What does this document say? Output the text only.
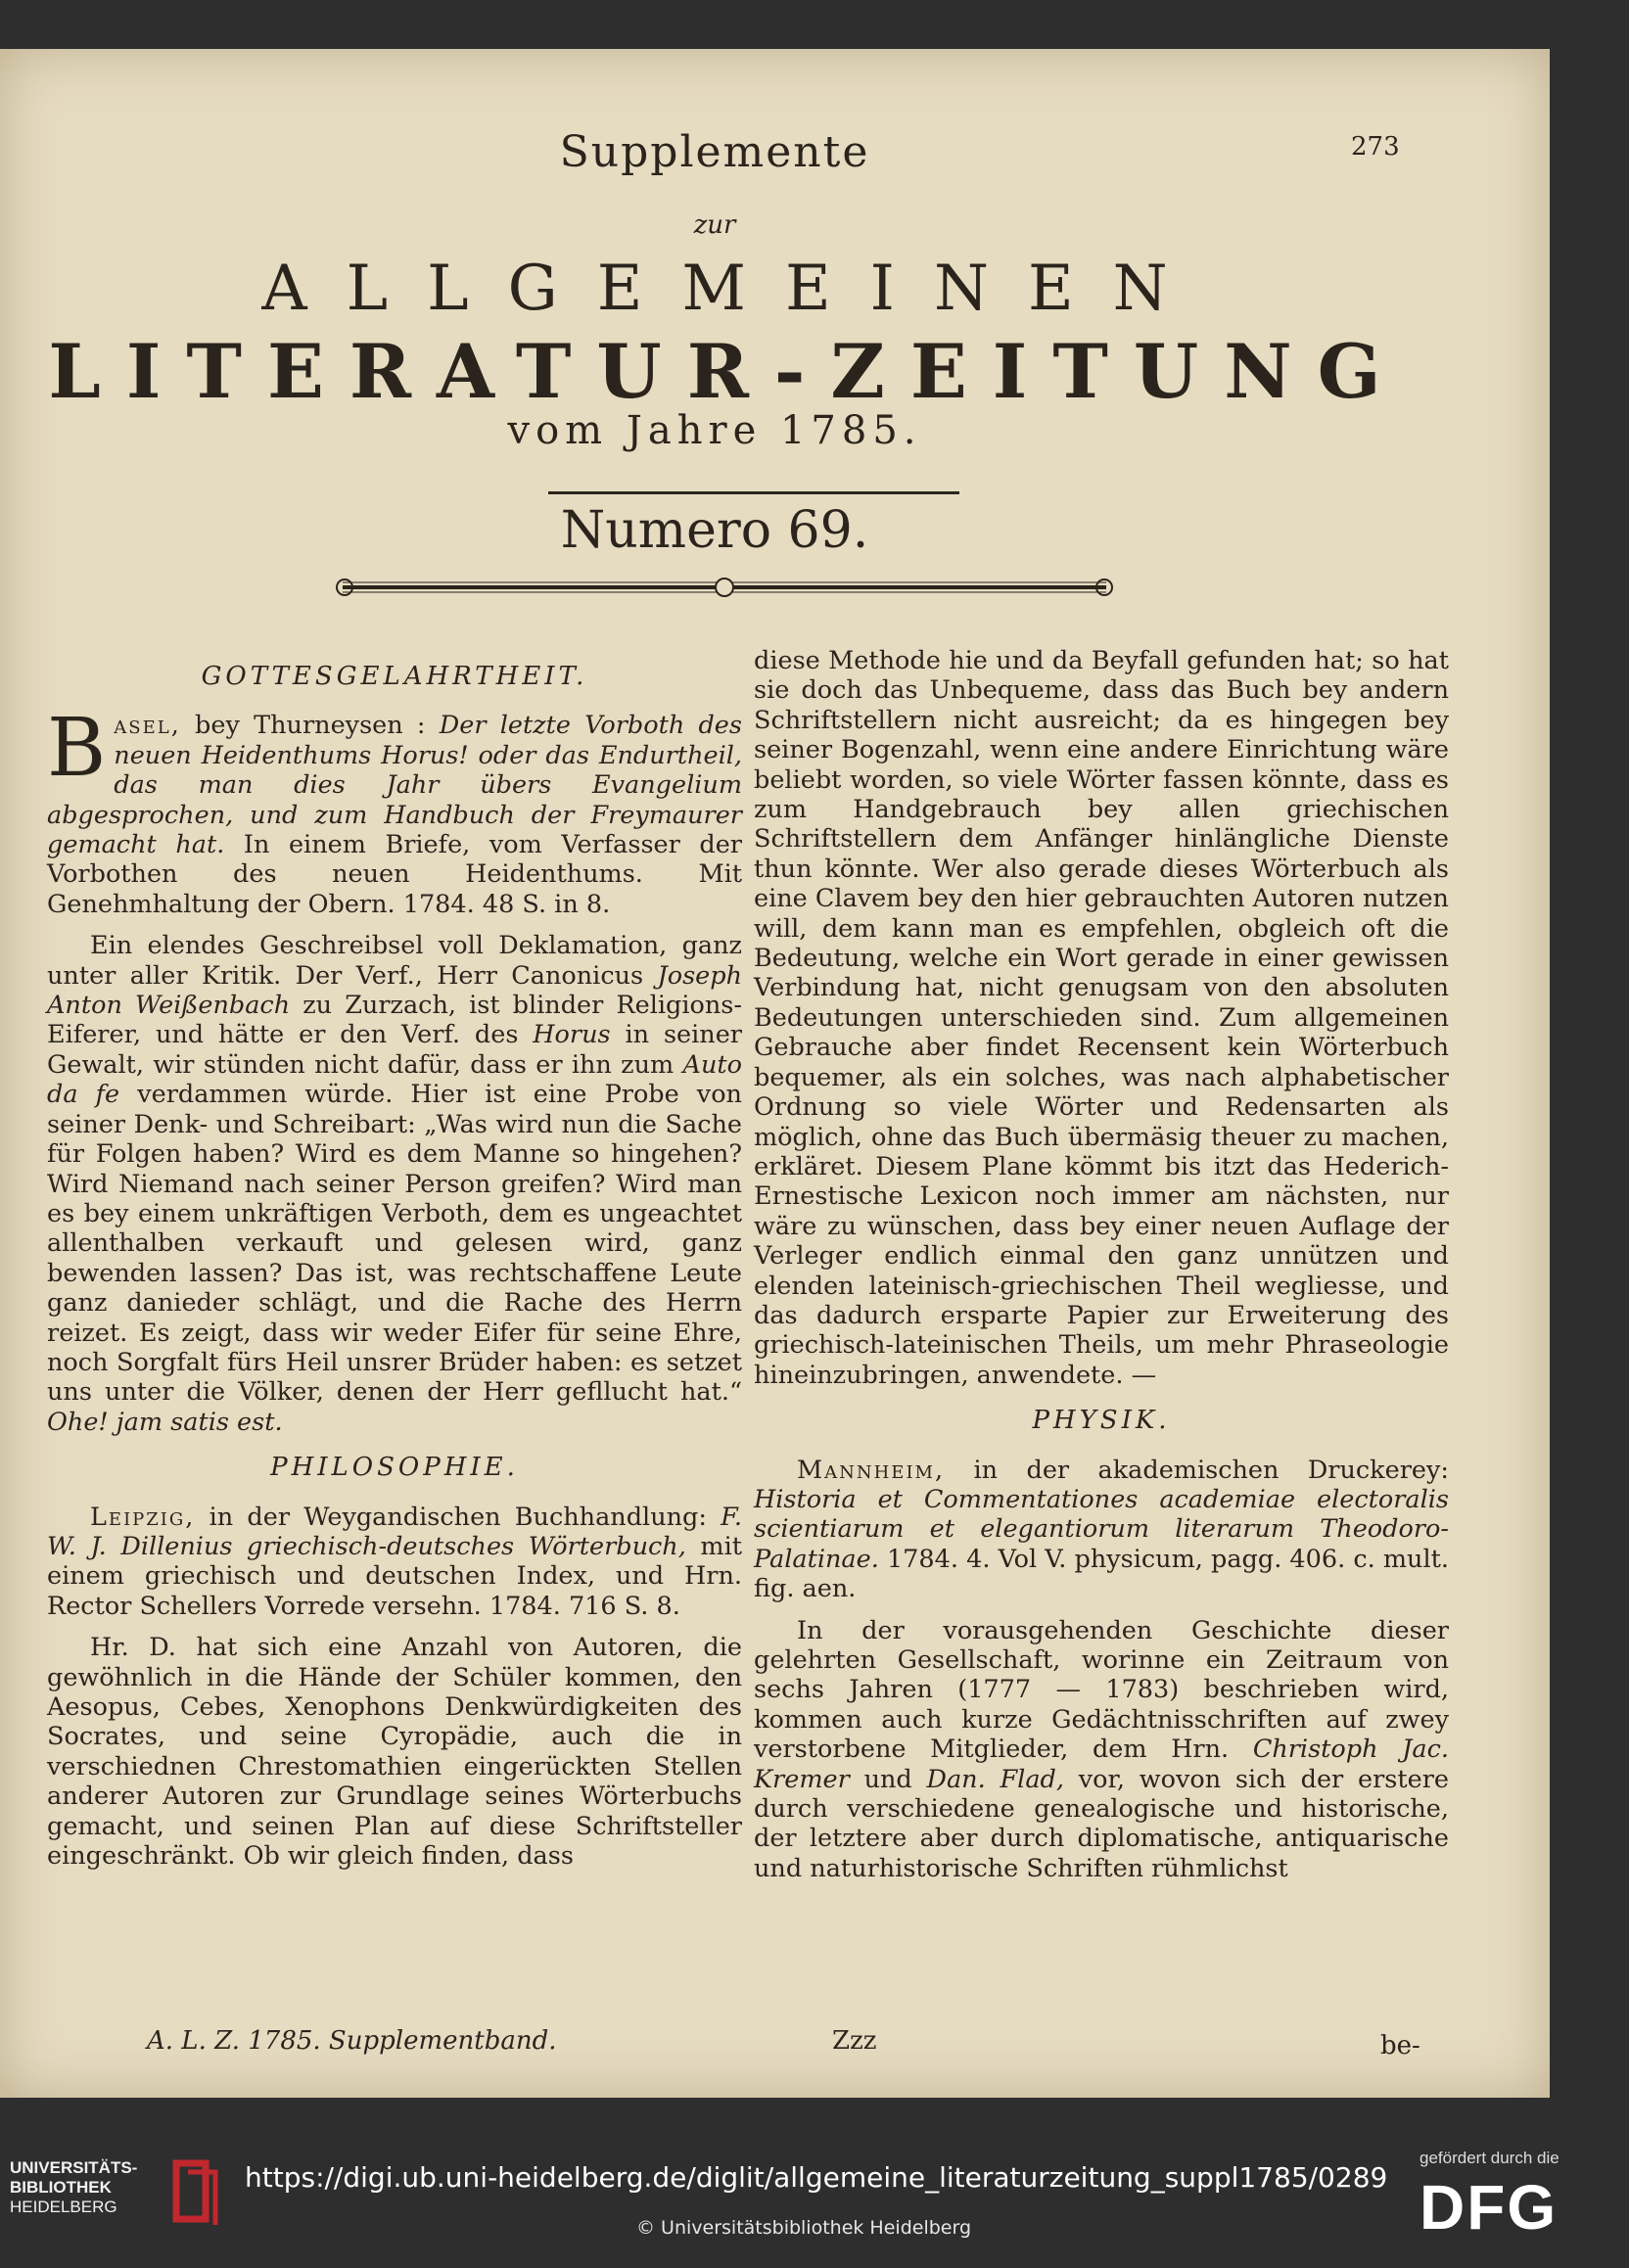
Supplemente	273
zur
ALLGEMEINEN
LITERATUR-ZEITUNG
vom Jahre 1785.
Numero 69.
GOTTESGELAHRTHEIT.

Basel, bey Thurneysen : Der letzte Vorboth des neuen Heidenthums Horus! oder das Endurtheil, das man dies Jahr übers Evangelium abgesprochen, und zum Handbuch der Freymaurer gemacht hat. In einem Briefe, vom Verfasser der Vorbothen des neuen Heidenthums. Mit Genehmhaltung der Obern. 1784. 48 S. in 8.

Ein elendes Geschreibsel voll Deklamation, ganz unter aller Kritik. Der Verf., Herr Canonicus Joseph Anton Weißenbach zu Zurzach, ist blinder Religions-Eiferer, und hätte er den Verf. des Horus in seiner Gewalt, wir stünden nicht dafür, dass er ihn zum Auto da fe verdammen würde. Hier ist eine Probe von seiner Denk- und Schreibart: „Was wird nun die Sache für Folgen haben? Wird es dem Manne so hingehen? Wird Niemand nach seiner Person greifen? Wird man es bey einem unkräftigen Verboth, dem es ungeachtet allenthalben verkauft und gelesen wird, ganz bewenden lassen? Das ist, was rechtschaffene Leute ganz danieder schlägt, und die Rache des Herrn reizet. Es zeigt, dass wir weder Eifer für seine Ehre, noch Sorgfalt fürs Heil unsrer Brüder haben: es setzet uns unter die Völker, denen der Herr gefllucht hat.“ Ohe! jam satis est.

PHILOSOPHIE.

Leipzig, in der Weygandischen Buchhandlung: F. W. J. Dillenius griechisch-deutsches Wörterbuch, mit einem griechisch und deutschen Index, und Hrn. Rector Schellers Vorrede versehn. 1784. 716 S. 8.

Hr. D. hat sich eine Anzahl von Autoren, die gewöhnlich in die Hände der Schüler kommen, den Aesopus, Cebes, Xenophons Denkwürdigkeiten des Socrates, und seine Cyropädie, auch die in verschiednen Chrestomathien eingerückten Stellen anderer Autoren zur Grundlage seines Wörterbuchs gemacht, und seinen Plan auf diese Schriftsteller eingeschränkt. Ob wir gleich finden, dass

diese Methode hie und da Beyfall gefunden hat; so hat sie doch das Unbequeme, dass das Buch bey andern Schriftstellern nicht ausreicht; da es hingegen bey seiner Bogenzahl, wenn eine andere Einrichtung wäre beliebt worden, so viele Wörter fassen könnte, dass es zum Handgebrauch bey allen griechischen Schriftstellern dem Anfänger hinlängliche Dienste thun könnte. Wer also gerade dieses Wörterbuch als eine Clavem bey den hier gebrauchten Autoren nutzen will, dem kann man es empfehlen, obgleich oft die Bedeutung, welche ein Wort gerade in einer gewissen Verbindung hat, nicht genugsam von den absoluten Bedeutungen unterschieden sind. Zum allgemeinen Gebrauche aber findet Recensent kein Wörterbuch bequemer, als ein solches, was nach alphabetischer Ordnung so viele Wörter und Redensarten als möglich, ohne das Buch übermäsig theuer zu machen, erkläret. Diesem Plane kömmt bis itzt das Hederich-Ernestische Lexicon noch immer am nächsten, nur wäre zu wünschen, dass bey einer neuen Auflage der Verleger endlich einmal den ganz unnützen und elenden lateinisch-griechischen Theil wegliesse, und das dadurch ersparte Papier zur Erweiterung des griechisch-lateinischen Theils, um mehr Phraseologie hineinzubringen, anwendete. —

PHYSIK.

Mannheim, in der akademischen Druckerey: Historia et Commentationes academiae electoralis scientiarum et elegantiorum literarum Theodoro-Palatinae. 1784. 4. Vol V. physicum, pagg. 406. c. mult. fig. aen.

In der vorausgehenden Geschichte dieser gelehrten Gesellschaft, worinne ein Zeitraum von sechs Jahren (1777 — 1783) beschrieben wird, kommen auch kurze Gedächtnisschriften auf zwey verstorbene Mitglieder, dem Hrn. Christoph Jac. Kremer und Dan. Flad, vor, wovon sich der erstere durch verschiedene genealogische und historische, der letztere aber durch diplomatische, antiquarische und naturhistorische Schriften rühmlichst

A. L. Z. 1785. Supplementband.	Zzz	be-
UNIVERSITÄTS-
BIBLIOTHEK
HEIDELBERG
https://digi.ub.uni-heidelberg.de/diglit/allgemeine_literaturzeitung_suppl1785/0289
© Universitätsbibliothek Heidelberg
gefördert durch die
DFG
